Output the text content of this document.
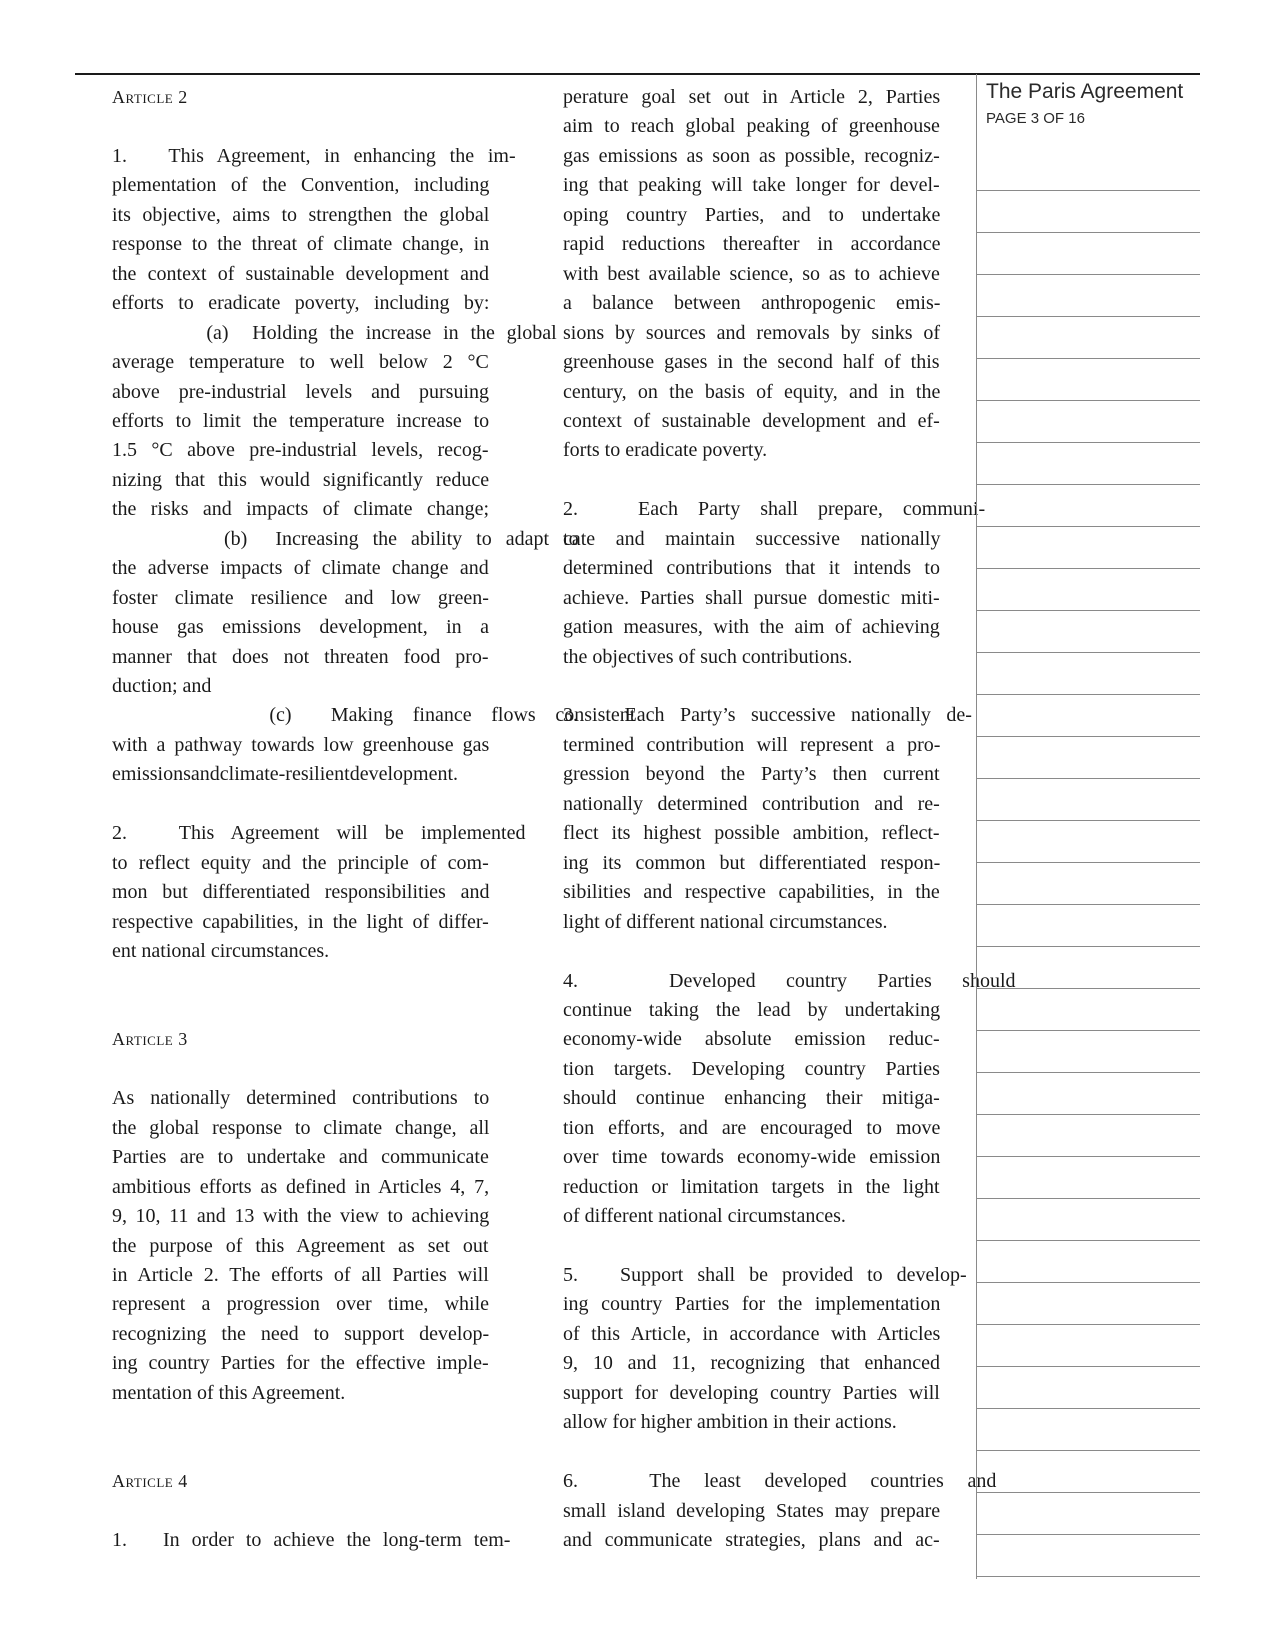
Article 2
1.   This Agreement, in enhancing the im-
plementation of the Convention, including
its objective, aims to strengthen the global
response to the threat of climate change, in
the context of sustainable development and
efforts to eradicate poverty, including by:
(a)  Holding the increase in the global
average temperature to well below 2 °C
above pre-industrial levels and pursuing
efforts to limit the temperature increase to
1.5 °C above pre-industrial levels, recog-
nizing that this would significantly reduce
the risks and impacts of climate change;
(b)  Increasing the ability to adapt to
the adverse impacts of climate change and
foster climate resilience and low green-
house gas emissions development, in a
manner that does not threaten food pro-
duction; and
(c)  Making finance flows consistent
with a pathway towards low greenhouse gas
emissionsandclimate-resilientdevelopment.
2.   This Agreement will be implemented
to reflect equity and the principle of com-
mon but differentiated responsibilities and
respective capabilities, in the light of differ-
ent national circumstances.
Article 3
As nationally determined contributions to
the global response to climate change, all
Parties are to undertake and communicate
ambitious efforts as defined in Articles 4, 7,
9, 10, 11 and 13 with the view to achieving
the purpose of this Agreement as set out
in Article 2. The efforts of all Parties will
represent a progression over time, while
recognizing the need to support develop-
ing country Parties for the effective imple-
mentation of this Agreement.
Article 4
1.   In order to achieve the long-term tem-
perature goal set out in Article 2, Parties
aim to reach global peaking of greenhouse
gas emissions as soon as possible, recogniz-
ing that peaking will take longer for devel-
oping country Parties, and to undertake
rapid reductions thereafter in accordance
with best available science, so as to achieve
a balance between anthropogenic emis-
sions by sources and removals by sinks of
greenhouse gases in the second half of this
century, on the basis of equity, and in the
context of sustainable development and ef-
forts to eradicate poverty.
2.   Each Party shall prepare, communi-
cate and maintain successive nationally
determined contributions that it intends to
achieve. Parties shall pursue domestic miti-
gation measures, with the aim of achieving
the objectives of such contributions.
3.   Each Party’s successive nationally de-
termined contribution will represent a pro-
gression beyond the Party’s then current
nationally determined contribution and re-
flect its highest possible ambition, reflect-
ing its common but differentiated respon-
sibilities and respective capabilities, in the
light of different national circumstances.
4.   Developed country Parties should
continue taking the lead by undertaking
economy-wide absolute emission reduc-
tion targets. Developing country Parties
should continue enhancing their mitiga-
tion efforts, and are encouraged to move
over time towards economy-wide emission
reduction or limitation targets in the light
of different national circumstances.
5.   Support shall be provided to develop-
ing country Parties for the implementation
of this Article, in accordance with Articles
9, 10 and 11, recognizing that enhanced
support for developing country Parties will
allow for higher ambition in their actions.
6.   The least developed countries and
small island developing States may prepare
and communicate strategies, plans and ac-
The Paris Agreement
PAGE 3 OF 16
